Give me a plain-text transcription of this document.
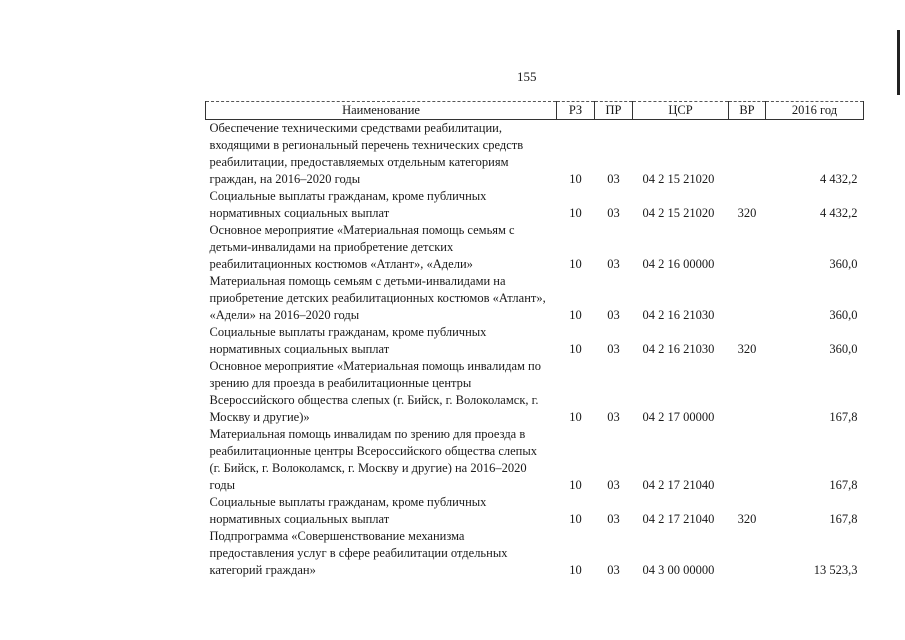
155
Наименование	РЗ	ПР	ЦСР	ВР	2016 год
Обеспечение техническими средствами реабилитации, входящими в региональный перечень технических средств реабилитации, предоставляемых отдельным категориям граждан, на 2016–2020 годы	10	03	04 2 15 21020		4 432,2
Социальные выплаты гражданам, кроме публичных нормативных социальных выплат	10	03	04 2 15 21020	320	4 432,2
Основное мероприятие «Материальная помощь семьям с детьми-инвалидами на приобретение детских реабилитационных костюмов «Атлант», «Адели»	10	03	04 2 16 00000		360,0
Материальная помощь семьям с детьми-инвалидами на приобретение детских реабилитационных костюмов «Атлант», «Адели» на 2016–2020 годы	10	03	04 2 16 21030		360,0
Социальные выплаты гражданам, кроме публичных нормативных социальных выплат	10	03	04 2 16 21030	320	360,0
Основное мероприятие «Материальная помощь инвалидам по зрению для проезда в реабилитационные центры Всероссийского общества слепых (г. Бийск, г. Волоколамск, г. Москву и другие)»	10	03	04 2 17 00000		167,8
Материальная помощь инвалидам по зрению для проезда в реабилитационные центры Всероссийского общества слепых (г. Бийск, г. Волоколамск, г. Москву и другие) на 2016–2020 годы	10	03	04 2 17 21040		167,8
Социальные выплаты гражданам, кроме публичных нормативных социальных выплат	10	03	04 2 17 21040	320	167,8
Подпрограмма «Совершенствование механизма предоставления услуг в сфере реабилитации отдельных категорий граждан»	10	03	04 3 00 00000		13 523,3
